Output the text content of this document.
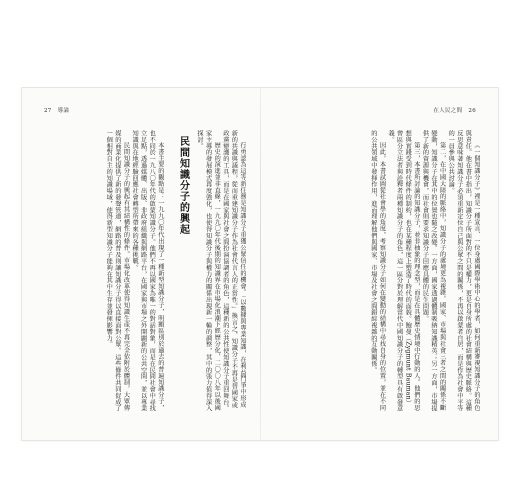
27 導論

行勇認為這等新任務是知識分子重獲公眾信任的機會。「以數據與專業知識，在利益鬥爭中形成新的共識與議程，從而重建知識分子作為社會代言人的正當性。」換言之，知識分子不再是替國家或政黨辯護的工具，而是在國家與社會之間扮演協調者的角色，這種新的公共性使知識分子重回舞台。

歷史的演進並非直線，一九九〇年代後期的知識界在市場化浪潮下經歷分化，二〇〇八年以後國家主導的發展模式再度強化，也使得知識分子與權力的關係出現新一輪的調整，其中的張力值得深入探討。

民間知識分子的興起

本書主要的觀點是：一九九〇年代出現了一種新型知識分子，明顯區別於過去的普遍知識分子，也不同於一九八〇年代的啟蒙知識分子。他們不再以國家為唯一的對話對象，而是在民間社會中尋找立足點，透過媒體、出版、非政府組織與網路平台，在國家與市場之外開闢新的公共空間，並以專業知識與在地經驗回應社會轉型所帶來的各種挑戰。

民間知識分子的興起有其結構性的條件。市場化改革使得知識生產不再完全依附於體制，大眾傳媒的商業化提供了新的發聲管道，網路的普及則讓知識分子得以直接面對公眾。這些條件共同促成了一個相對自主的知識場域，使得新型知識分子能夠在其中生存並發揮影響力。

在人民之間 26

《一個知識分子》裡是一種宣言、一位身處國際學術中心的學者，如何重新審視知識分子的角色與責任。他在書中指出，知識分子所面對的不只是權力，更是自身所處的社會結構與歷史脈絡。這種反思意味著知識分子必須重新定位自己與公眾之間的關係，不再以啟蒙者自居，而是作為社會中平等的一員參與公共討論。

第二，在中國大陸的脈絡中，知識分子的處境更為複雜。國家、市場與社會三者之間的關係不斷變動，知識分子在其中的位置也隨之改變。一方面，國家透過體制吸納知識精英；另一方面，市場提供了新的資源與機會，而社會則要求知識分子回應具體的民生問題。

第三，本書所討論的知識分子，並非抽象的理念型，而是在具體歷史情境中行動的人。他們的思想與實踐受到時代條件的制約，也在某種程度上塑造了時代的面貌。鮑曼（Zygmunt Bauman）曾區分立法者與詮釋者兩種知識分子的角色，這一區分對於理解當代中國知識分子的轉型具有啟發意義。

因此，本書試圖從社會學的角度，考察知識分子如何在變動的結構中尋找自身的位置，並在不同的公共領域中發揮作用，進而理解他們與國家、市場及社會之間錯綜複雜的互動關係。
